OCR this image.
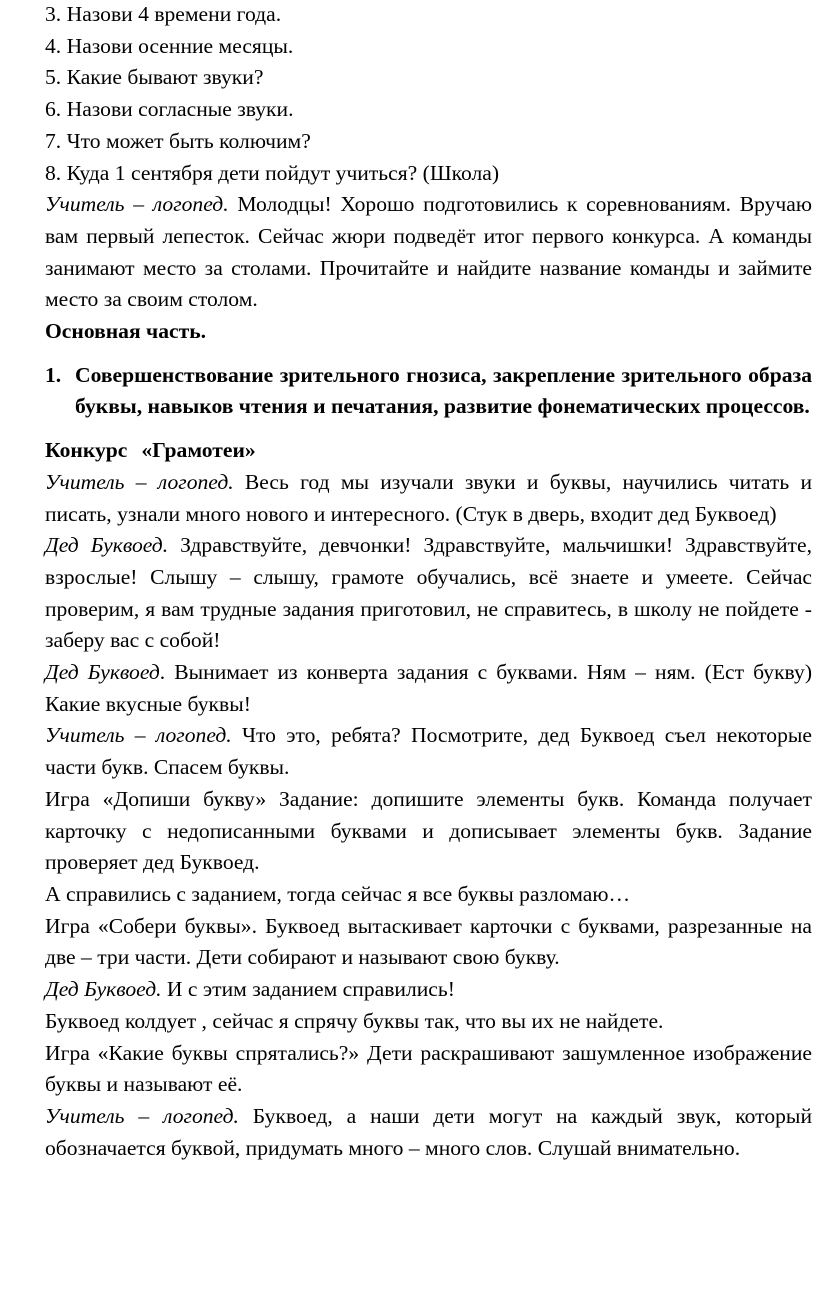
3. Назови 4 времени года.
4. Назови осенние месяцы.
5. Какие бывают звуки?
6. Назови согласные звуки.
7. Что может быть колючим?
8. Куда 1 сентября дети пойдут учиться? (Школа)

Учитель – логопед. Молодцы! Хорошо подготовились к соревнованиям. Вручаю вам первый лепесток. Сейчас жюри подведёт итог первого конкурса. А команды занимают место за столами. Прочитайте и найдите название команды и займите место за своим столом.

Основная часть.

1. Совершенствование зрительного гнозиса, закрепление зрительного образа буквы, навыков чтения и печатания, развитие фонематических процессов.

Конкурс «Грамотеи»

Учитель – логопед. Весь год мы изучали звуки и буквы, научились читать и писать, узнали много нового и интересного. (Стук в дверь, входит дед Буквоед)

Дед Буквоед. Здравствуйте, девчонки! Здравствуйте, мальчишки! Здравствуйте, взрослые! Слышу – слышу, грамоте обучались, всё знаете и умеете. Сейчас проверим, я вам трудные задания приготовил, не справитесь, в школу не пойдете - заберу вас с собой!

Дед Буквоед. Вынимает из конверта задания с буквами. Ням – ням. (Ест букву) Какие вкусные буквы!

Учитель – логопед. Что это, ребята? Посмотрите, дед Буквоед съел некоторые части букв. Спасем буквы.

Игра «Допиши букву» Задание: допишите элементы букв. Команда получает карточку с недописанными буквами и дописывает элементы букв. Задание проверяет дед Буквоед.

А справились с заданием, тогда сейчас я все буквы разломаю…

Игра «Собери буквы». Буквоед вытаскивает карточки с буквами, разрезанные на две – три части. Дети собирают и называют свою букву.

Дед Буквоед. И с этим заданием справились!

Буквоед колдует , сейчас я спрячу буквы так, что вы их не найдете.

Игра «Какие буквы спрятались?» Дети раскрашивают зашумленное изображение буквы и называют её.

Учитель – логопед. Буквоед, а наши дети могут на каждый звук, который обозначается буквой, придумать много – много слов. Слушай внимательно.
